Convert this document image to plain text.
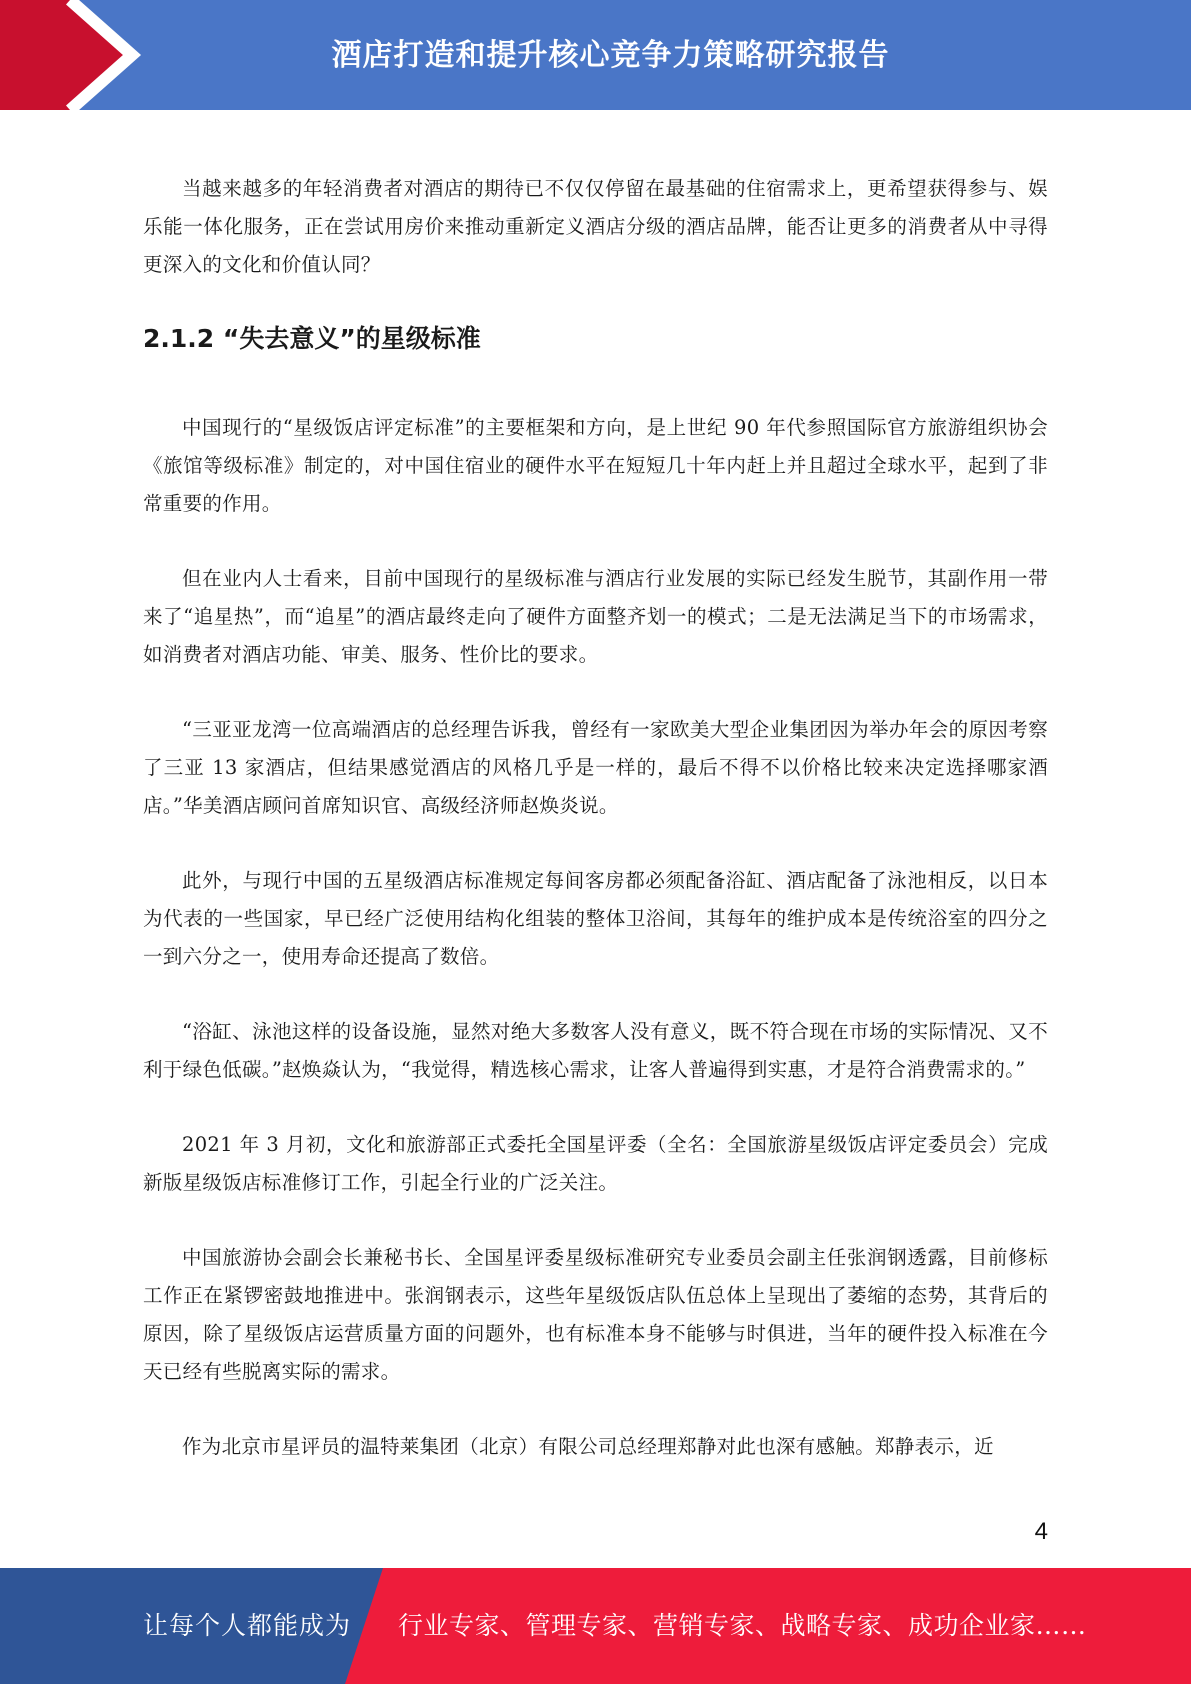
酒店打造和提升核心竞争力策略研究报告

当越来越多的年轻消费者对酒店的期待已不仅仅停留在最基础的住宿需求上，更希望获得参与、娱乐能一体化服务，正在尝试用房价来推动重新定义酒店分级的酒店品牌，能否让更多的消费者从中寻得更深入的文化和价值认同？

2.1.2 “失去意义”的星级标准

中国现行的“星级饭店评定标准”的主要框架和方向，是上世纪 90 年代参照国际官方旅游组织协会《旅馆等级标准》制定的，对中国住宿业的硬件水平在短短几十年内赶上并且超过全球水平，起到了非常重要的作用。

但在业内人士看来，目前中国现行的星级标准与酒店行业发展的实际已经发生脱节，其副作用一带来了“追星热”，而“追星”的酒店最终走向了硬件方面整齐划一的模式；二是无法满足当下的市场需求，如消费者对酒店功能、审美、服务、性价比的要求。

“三亚亚龙湾一位高端酒店的总经理告诉我，曾经有一家欧美大型企业集团因为举办年会的原因考察了三亚 13 家酒店，但结果感觉酒店的风格几乎是一样的，最后不得不以价格比较来决定选择哪家酒店。”华美酒店顾问首席知识官、高级经济师赵焕炎说。

此外，与现行中国的五星级酒店标准规定每间客房都必须配备浴缸、酒店配备了泳池相反，以日本为代表的一些国家，早已经广泛使用结构化组装的整体卫浴间，其每年的维护成本是传统浴室的四分之一到六分之一，使用寿命还提高了数倍。

“浴缸、泳池这样的设备设施，显然对绝大多数客人没有意义，既不符合现在市场的实际情况、又不利于绿色低碳。”赵焕焱认为，“我觉得，精选核心需求，让客人普遍得到实惠，才是符合消费需求的。”

2021 年 3 月初，文化和旅游部正式委托全国星评委（全名：全国旅游星级饭店评定委员会）完成新版星级饭店标准修订工作，引起全行业的广泛关注。

中国旅游协会副会长兼秘书长、全国星评委星级标准研究专业委员会副主任张润钢透露，目前修标工作正在紧锣密鼓地推进中。张润钢表示，这些年星级饭店队伍总体上呈现出了萎缩的态势，其背后的原因，除了星级饭店运营质量方面的问题外，也有标准本身不能够与时俱进，当年的硬件投入标准在今天已经有些脱离实际的需求。

作为北京市星评员的温特莱集团（北京）有限公司总经理郑静对此也深有感触。郑静表示，近

4
让每个人都能成为 行业专家、管理专家、营销专家、战略专家、成功企业家……
